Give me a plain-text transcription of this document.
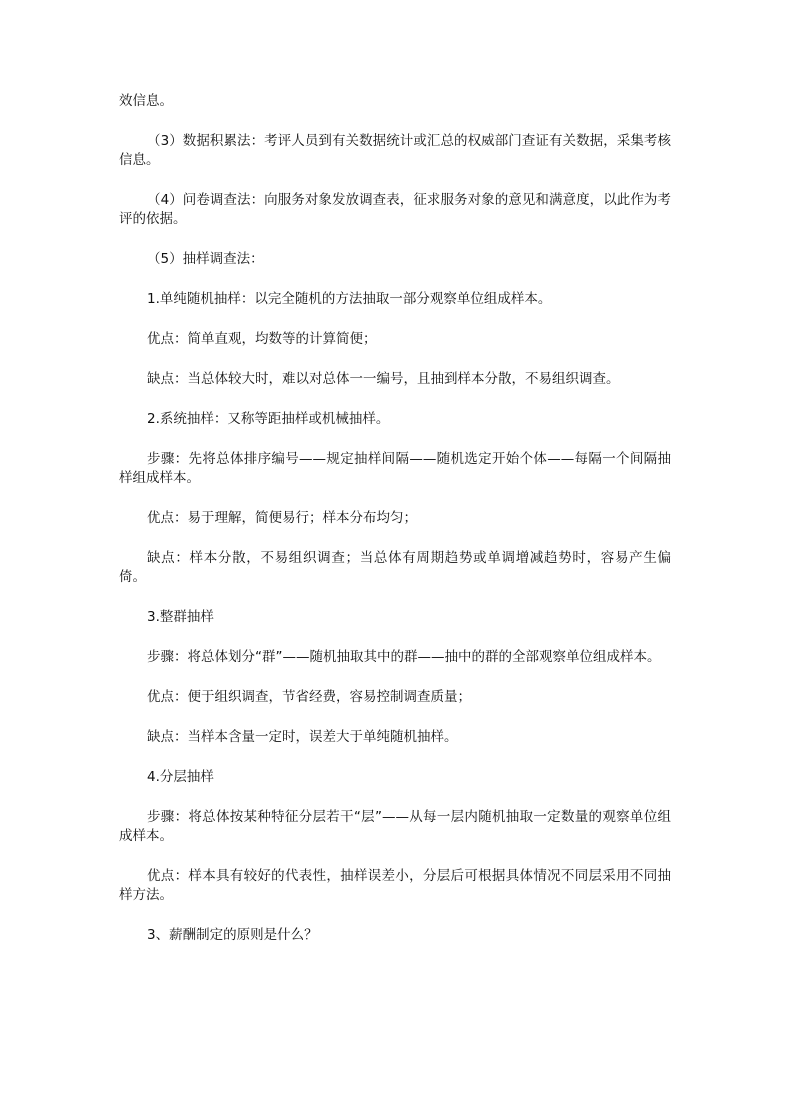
效信息。

（3）数据积累法：考评人员到有关数据统计或汇总的权威部门查证有关数据，采集考核信息。

（4）问卷调查法：向服务对象发放调查表，征求服务对象的意见和满意度，以此作为考评的依据。

（5）抽样调查法：

1.单纯随机抽样：以完全随机的方法抽取一部分观察单位组成样本。

优点：简单直观，均数等的计算简便；

缺点：当总体较大时，难以对总体一一编号，且抽到样本分散，不易组织调查。

2.系统抽样：又称等距抽样或机械抽样。

步骤：先将总体排序编号——规定抽样间隔——随机选定开始个体——每隔一个间隔抽样组成样本。

优点：易于理解，简便易行；样本分布均匀；

缺点：样本分散，不易组织调查；当总体有周期趋势或单调增减趋势时，容易产生偏倚。

3.整群抽样

步骤：将总体划分“群”——随机抽取其中的群——抽中的群的全部观察单位组成样本。

优点：便于组织调查，节省经费，容易控制调查质量；

缺点：当样本含量一定时，误差大于单纯随机抽样。

4.分层抽样

步骤：将总体按某种特征分层若干“层”——从每一层内随机抽取一定数量的观察单位组成样本。

优点：样本具有较好的代表性，抽样误差小，分层后可根据具体情况不同层采用不同抽样方法。

3、薪酬制定的原则是什么？
